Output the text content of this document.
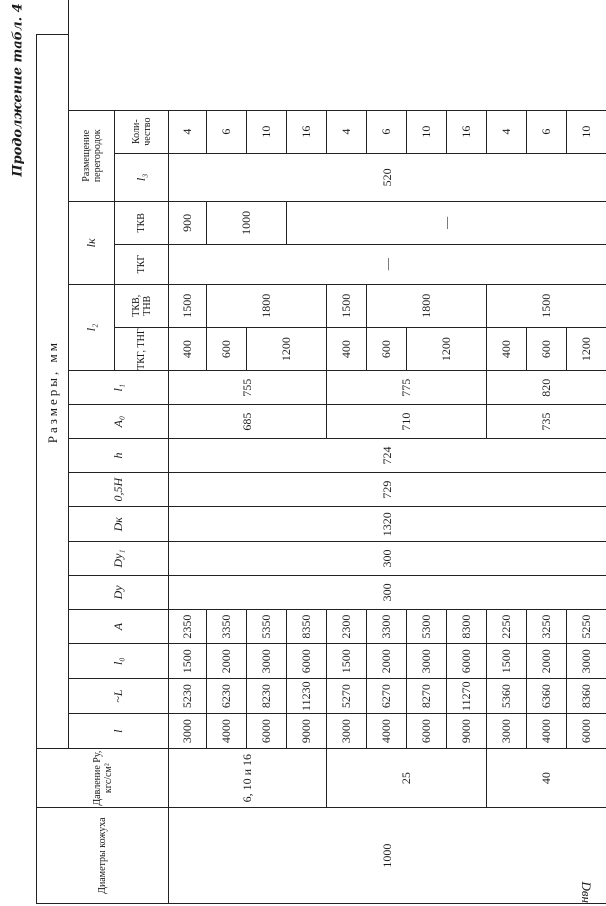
Продолжение табл. 4
Диаметры кожуха	Давление Pу, кгс/см²	Размеры, мм																	
		l	~L	l₀	A	Dу	Dу₁	Dк	0,5H	h	A₀	l₁	l₂		lк		Размещение перегородок		
													ТКГ, ТНГ	ТКВ, ТНВ	ТКГ	ТКВ	l₃	Коли-чество	
1000	6, 10 и 16	3000	5230	1500	2350	300	300	1320	729	724	685	755	400	1500	—	900	520	4	
		4000	6230	2000	3350								600	1800		1000		6	
		6000	8230	3000	5350								1200					10	
		9000	11230	6000	8350											—		16	
	25	3000	5270	1500	2300						710	775	400	1500				4	
		4000	6270	2000	3300								600	1800				6	
		6000	8270	3000	5300								1200					10	
		9000	11270	6000	8300													16	
	40	3000	5360	1500	2250						735	820	400	1500				4	
		4000	6360	2000	3250								600					6	
		6000	8360	3000	5250								1200					10	
Dвн
